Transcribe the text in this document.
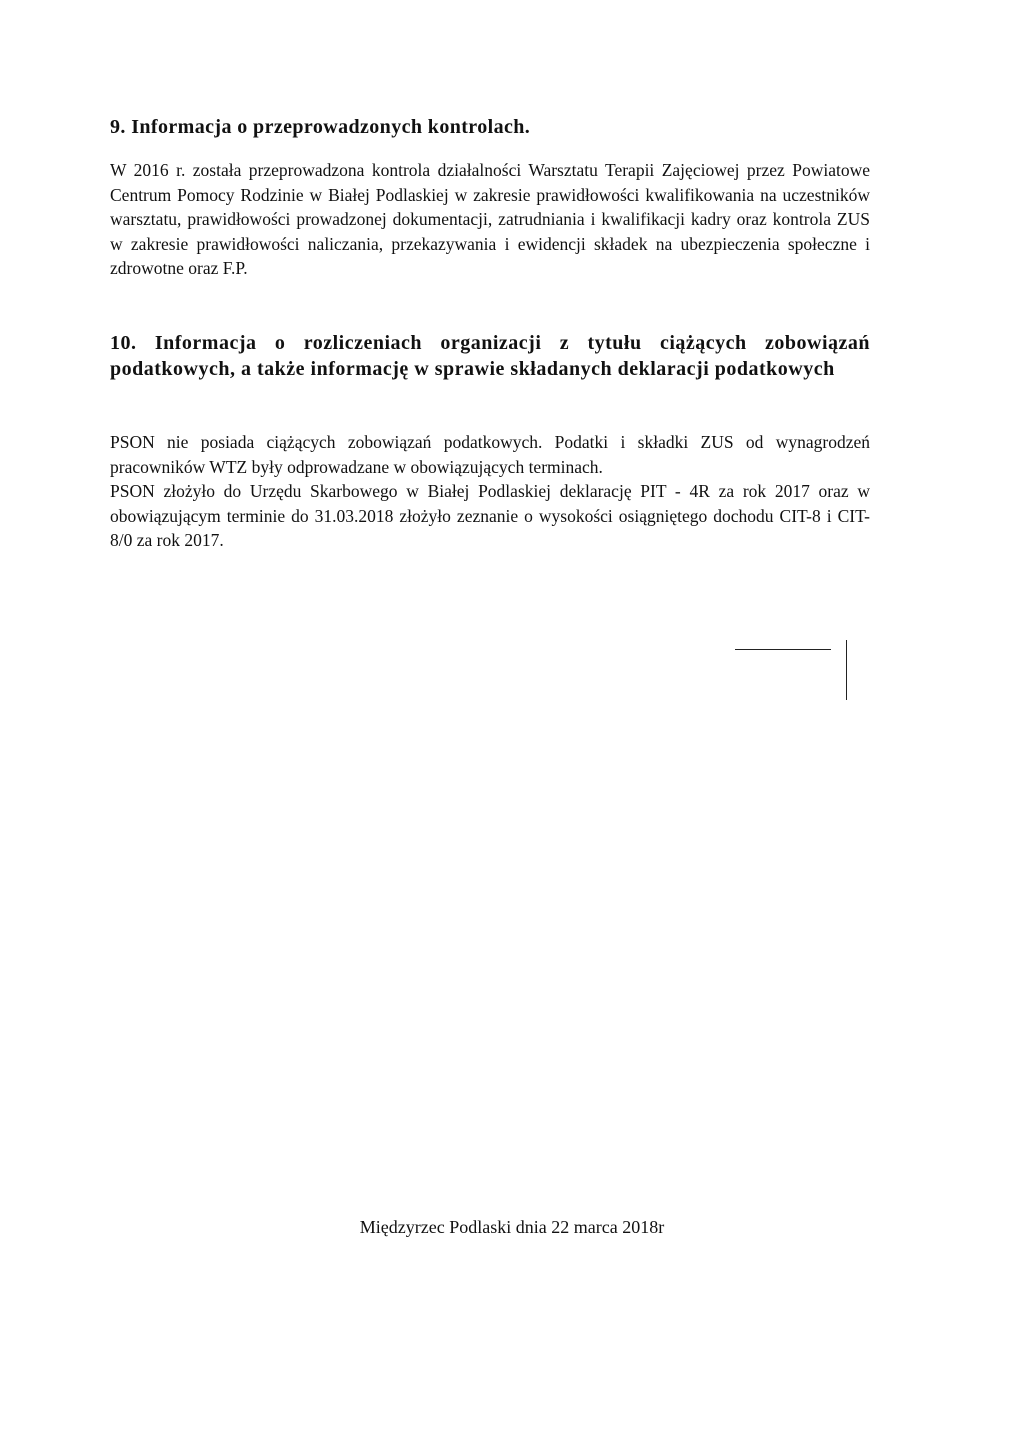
9. Informacja o przeprowadzonych kontrolach.

W 2016 r. została przeprowadzona kontrola działalności Warsztatu Terapii Zajęciowej przez Powiatowe Centrum Pomocy Rodzinie w Białej Podlaskiej w zakresie prawidłowości kwalifikowania na uczestników warsztatu, prawidłowości prowadzonej dokumentacji, zatrudniania i kwalifikacji kadry oraz kontrola ZUS w zakresie prawidłowości naliczania, przekazywania i ewidencji składek na ubezpieczenia społeczne i zdrowotne oraz F.P.

10. Informacja o rozliczeniach organizacji z tytułu ciążących zobowiązań podatkowych, a także informację w sprawie składanych deklaracji podatkowych

PSON nie posiada ciążących zobowiązań podatkowych. Podatki i składki ZUS od wynagrodzeń pracowników WTZ były odprowadzane w obowiązujących terminach.

PSON złożyło do Urzędu Skarbowego w Białej Podlaskiej deklarację PIT - 4R za rok 2017 oraz w obowiązującym terminie do 31.03.2018 złożyło zeznanie o wysokości osiągniętego dochodu CIT-8 i CIT-8/0 za rok 2017.

Międzyrzec Podlaski dnia 22 marca 2018r
